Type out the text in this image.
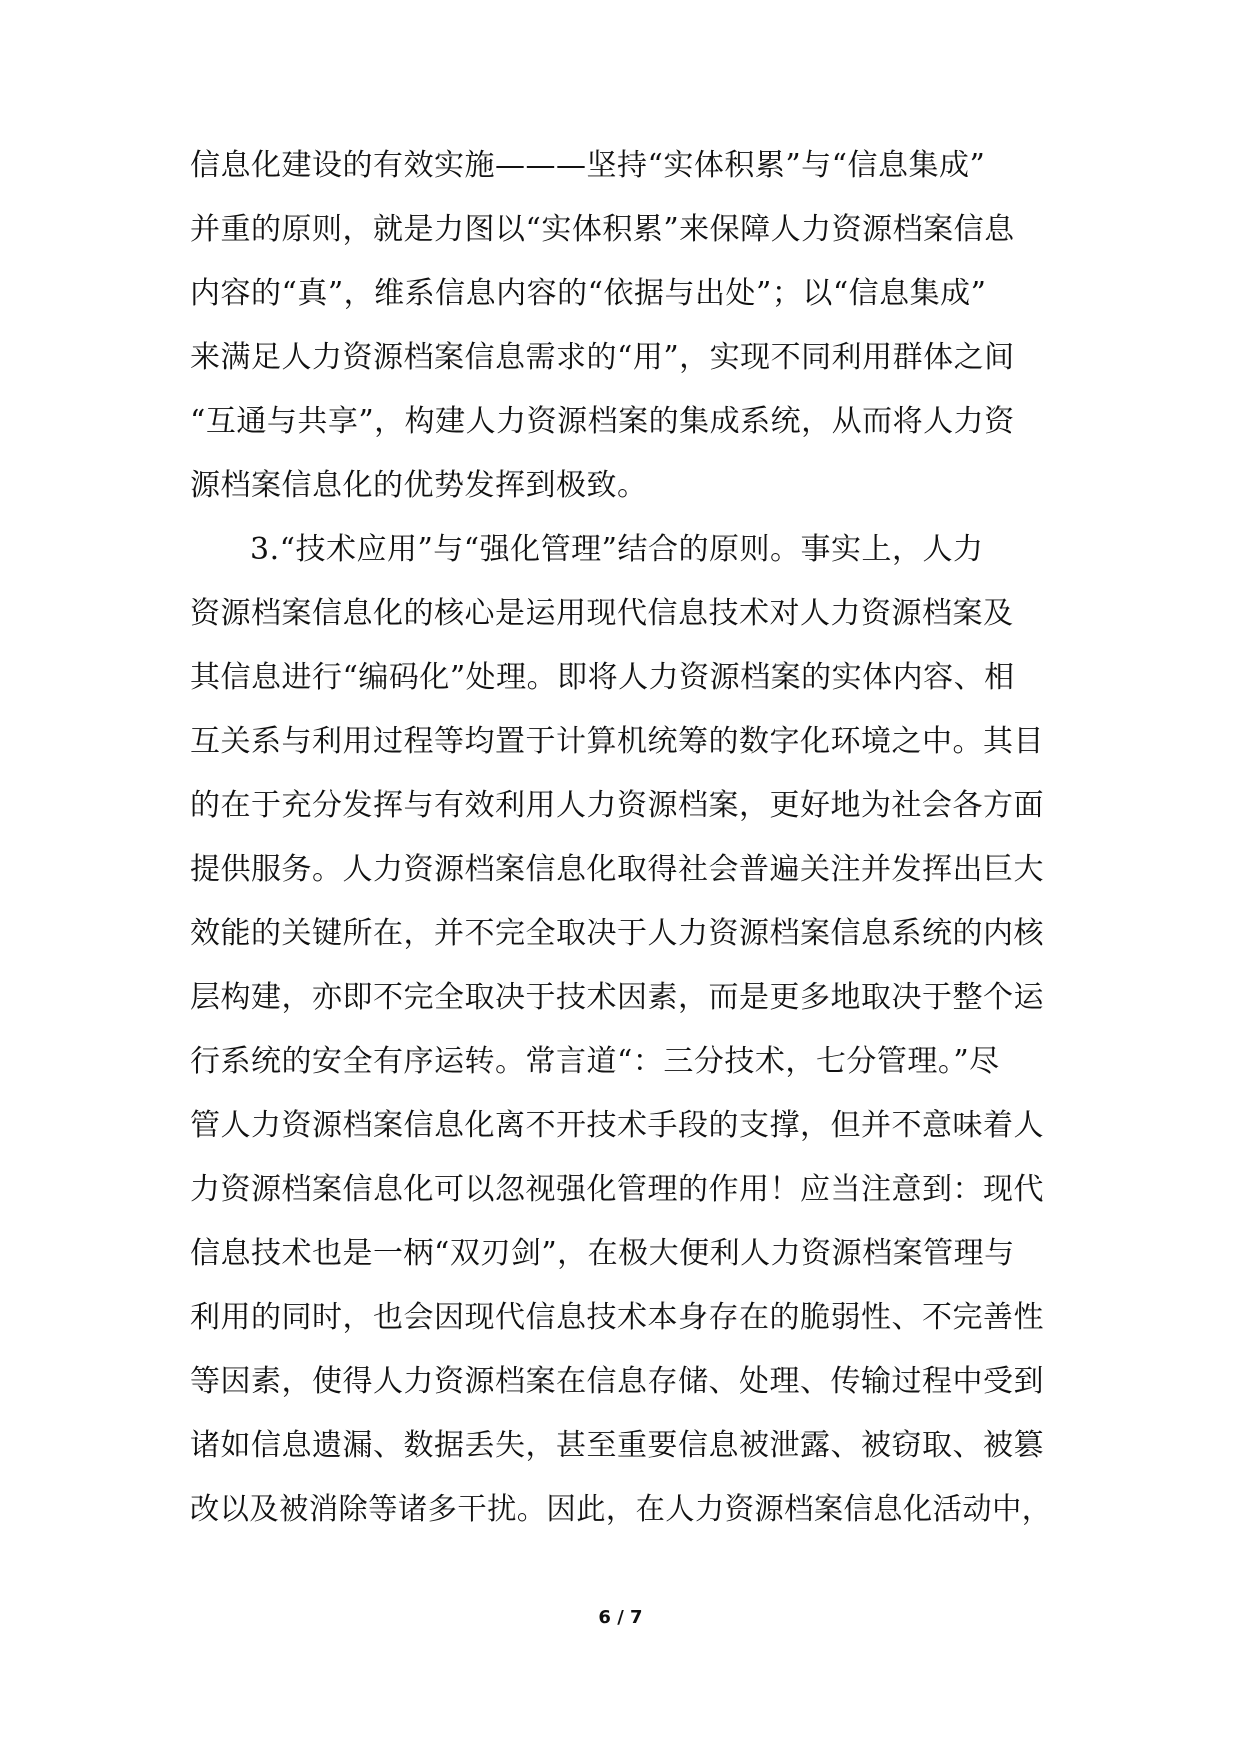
信息化建设的有效实施———坚持“实体积累”与“信息集成”
并重的原则，就是力图以“实体积累”来保障人力资源档案信息
内容的“真”，维系信息内容的“依据与出处”；以“信息集成”
来满足人力资源档案信息需求的“用”，实现不同利用群体之间
“互通与共享”，构建人力资源档案的集成系统，从而将人力资
源档案信息化的优势发挥到极致。
3.“技术应用”与“强化管理”结合的原则。事实上，人力
资源档案信息化的核心是运用现代信息技术对人力资源档案及
其信息进行“编码化”处理。即将人力资源档案的实体内容、相
互关系与利用过程等均置于计算机统筹的数字化环境之中。其目
的在于充分发挥与有效利用人力资源档案，更好地为社会各方面
提供服务。人力资源档案信息化取得社会普遍关注并发挥出巨大
效能的关键所在，并不完全取决于人力资源档案信息系统的内核
层构建，亦即不完全取决于技术因素，而是更多地取决于整个运
行系统的安全有序运转。常言道“：三分技术，七分管理。”尽
管人力资源档案信息化离不开技术手段的支撑，但并不意味着人
力资源档案信息化可以忽视强化管理的作用！应当注意到：现代
信息技术也是一柄“双刃剑”，在极大便利人力资源档案管理与
利用的同时，也会因现代信息技术本身存在的脆弱性、不完善性
等因素，使得人力资源档案在信息存储、处理、传输过程中受到
诸如信息遗漏、数据丢失，甚至重要信息被泄露、被窃取、被篡
改以及被消除等诸多干扰。因此，在人力资源档案信息化活动中，
6 / 7
